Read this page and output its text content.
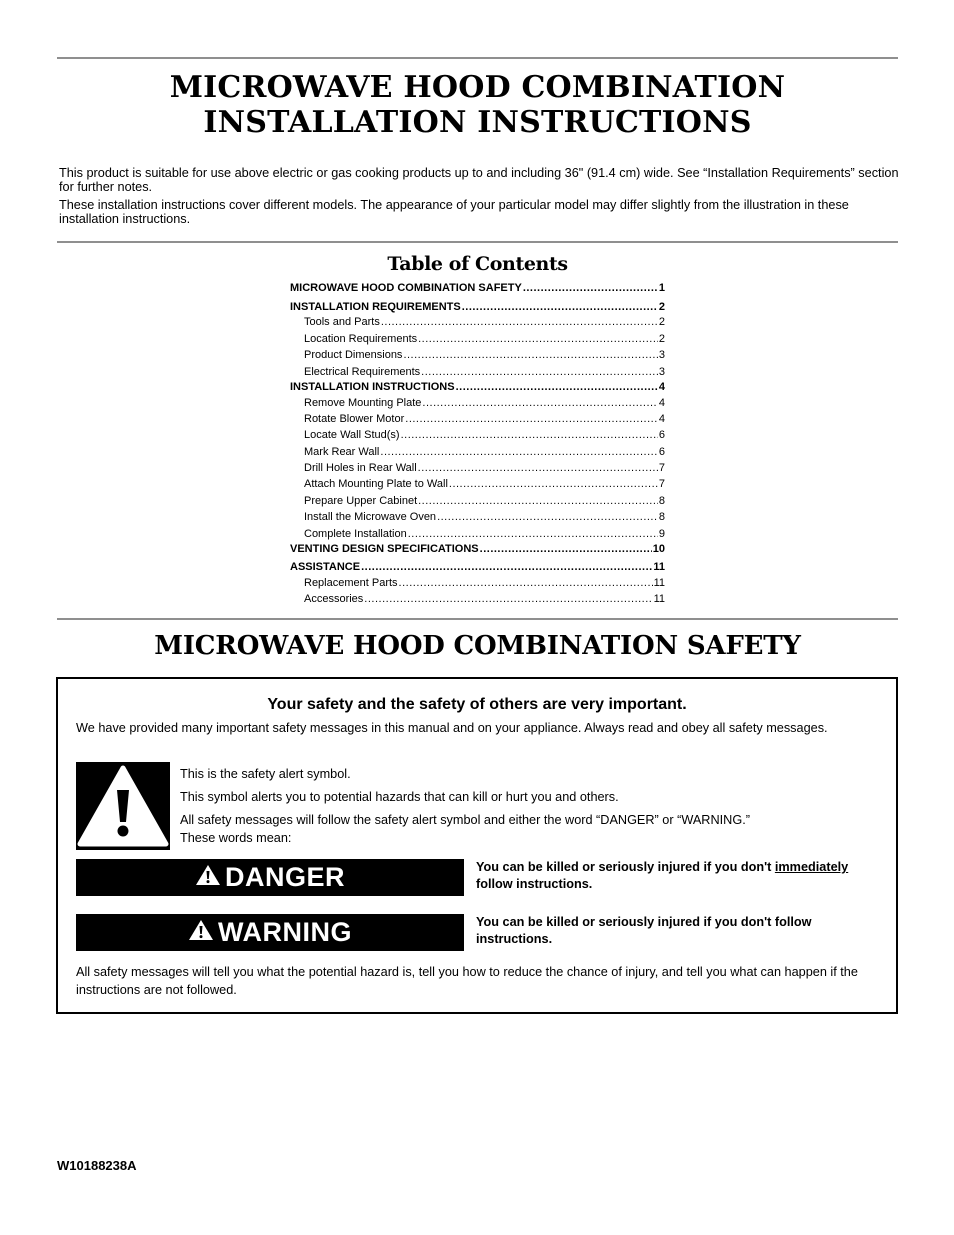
MICROWAVE HOOD COMBINATION
INSTALLATION INSTRUCTIONS

This product is suitable for use above electric or gas cooking products up to and including 36" (91.4 cm) wide. See “Installation Requirements” section for further notes.

These installation instructions cover different models. The appearance of your particular model may differ slightly from the illustration in these installation instructions.

Table of Contents
MICROWAVE HOOD COMBINATION SAFETY .....	1
INSTALLATION REQUIREMENTS .....	2
Tools and Parts .....	2
Location Requirements .....	2
Product Dimensions .....	3
Electrical Requirements .....	3
INSTALLATION INSTRUCTIONS .....	4
Remove Mounting Plate .....	4
Rotate Blower Motor .....	4
Locate Wall Stud(s) .....	6
Mark Rear Wall .....	6
Drill Holes in Rear Wall .....	7
Attach Mounting Plate to Wall .....	7
Prepare Upper Cabinet .....	8
Install the Microwave Oven .....	8
Complete Installation .....	9
VENTING DESIGN SPECIFICATIONS .....	10
ASSISTANCE .....	11
Replacement Parts .....	11
Accessories .....	11
MICROWAVE HOOD COMBINATION SAFETY

Your safety and the safety of others are very important.

We have provided many important safety messages in this manual and on your appliance. Always read and obey all safety messages.

This is the safety alert symbol.

This symbol alerts you to potential hazards that can kill or hurt you and others.

All safety messages will follow the safety alert symbol and either the word “DANGER” or “WARNING.”
These words mean:

DANGER	You can be killed or seriously injured if you don't immediately
follow instructions.

WARNING	You can be killed or seriously injured if you don't follow instructions.

All safety messages will tell you what the potential hazard is, tell you how to reduce the chance of injury, and tell you what can happen if the instructions are not followed.

W10188238A
